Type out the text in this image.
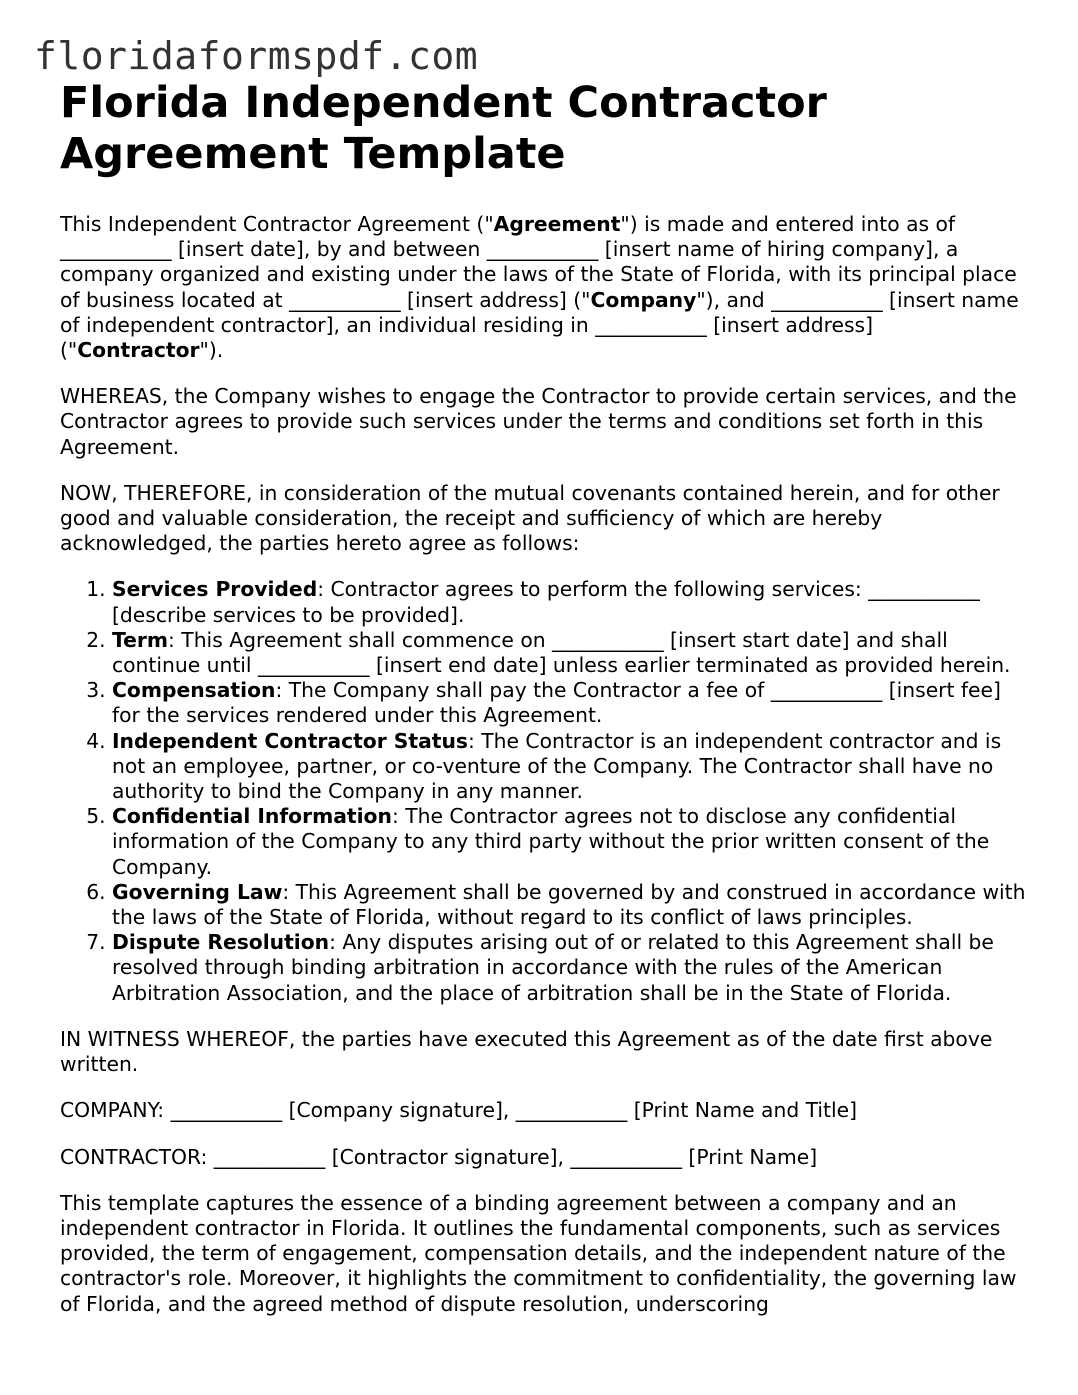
floridaformspdf.com
Florida Independent Contractor Agreement Template

This Independent Contractor Agreement ("Agreement") is made and entered into as of ___________ [insert date], by and between ___________ [insert name of hiring company], a company organized and existing under the laws of the State of Florida, with its principal place of business located at ___________ [insert address] ("Company"), and ___________ [insert name of independent contractor], an individual residing in ___________ [insert address] ("Contractor").

WHEREAS, the Company wishes to engage the Contractor to provide certain services, and the Contractor agrees to provide such services under the terms and conditions set forth in this Agreement.

NOW, THEREFORE, in consideration of the mutual covenants contained herein, and for other good and valuable consideration, the receipt and sufficiency of which are hereby acknowledged, the parties hereto agree as follows:

1. Services Provided: Contractor agrees to perform the following services: ___________ [describe services to be provided].
2. Term: This Agreement shall commence on ___________ [insert start date] and shall continue until ___________ [insert end date] unless earlier terminated as provided herein.
3. Compensation: The Company shall pay the Contractor a fee of ___________ [insert fee] for the services rendered under this Agreement.
4. Independent Contractor Status: The Contractor is an independent contractor and is not an employee, partner, or co-venture of the Company. The Contractor shall have no authority to bind the Company in any manner.
5. Confidential Information: The Contractor agrees not to disclose any confidential information of the Company to any third party without the prior written consent of the Company.
6. Governing Law: This Agreement shall be governed by and construed in accordance with the laws of the State of Florida, without regard to its conflict of laws principles.
7. Dispute Resolution: Any disputes arising out of or related to this Agreement shall be resolved through binding arbitration in accordance with the rules of the American Arbitration Association, and the place of arbitration shall be in the State of Florida.

IN WITNESS WHEREOF, the parties have executed this Agreement as of the date first above written.

COMPANY: ___________ [Company signature], ___________ [Print Name and Title]

CONTRACTOR: ___________ [Contractor signature], ___________ [Print Name]

This template captures the essence of a binding agreement between a company and an independent contractor in Florida. It outlines the fundamental components, such as services provided, the term of engagement, compensation details, and the independent nature of the contractor's role. Moreover, it highlights the commitment to confidentiality, the governing law of Florida, and the agreed method of dispute resolution, underscoring
